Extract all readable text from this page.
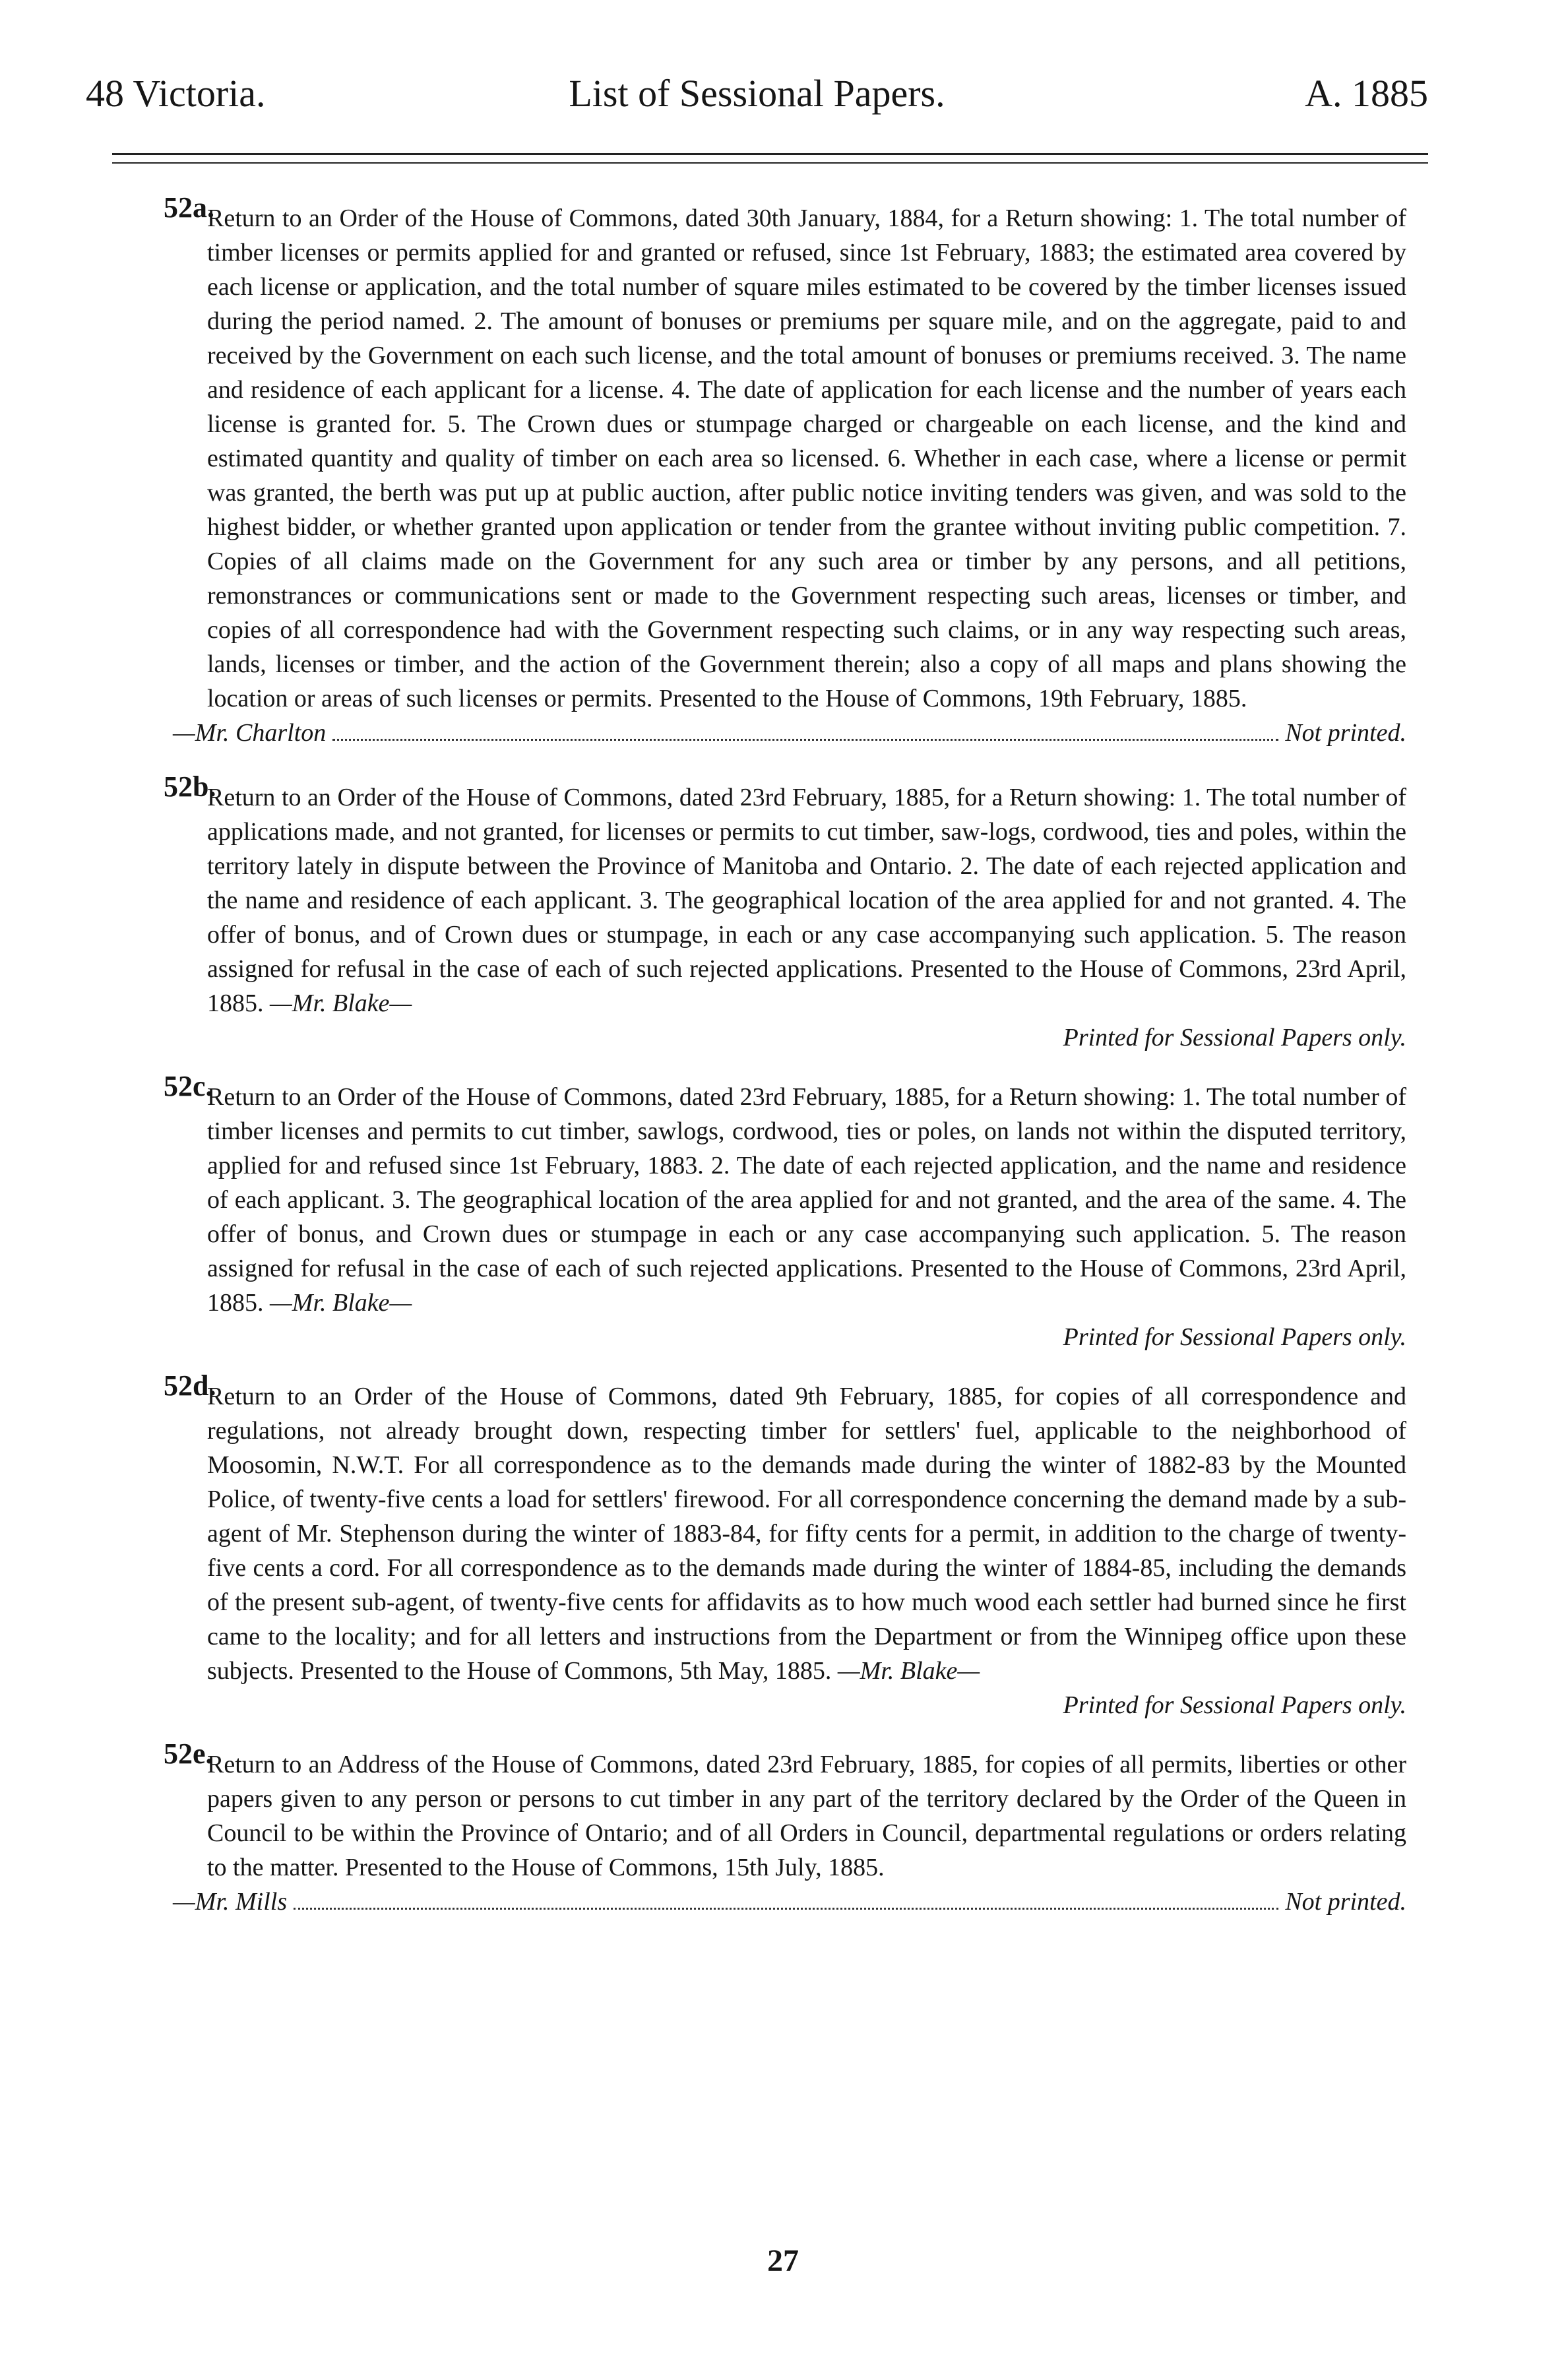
48 Victoria.	List of Sessional Papers.	A. 1885
52a.
Return to an Order of the House of Commons, dated 30th January, 1884, for a Return showing: 1. The total number of timber licenses or permits applied for and granted or refused, since 1st February, 1883; the estimated area covered by each license or application, and the total number of square miles estimated to be covered by the timber licenses issued during the period named. 2. The amount of bonuses or premiums per square mile, and on the aggregate, paid to and received by the Government on each such license, and the total amount of bonuses or premiums received. 3. The name and residence of each applicant for a license. 4. The date of application for each license and the number of years each license is granted for. 5. The Crown dues or stumpage charged or chargeable on each license, and the kind and estimated quantity and quality of timber on each area so licensed. 6. Whether in each case, where a license or permit was granted, the berth was put up at public auction, after public notice inviting tenders was given, and was sold to the highest bidder, or whether granted upon application or tender from the grantee without inviting public competition. 7. Copies of all claims made on the Government for any such area or timber by any persons, and all petitions, remonstrances or communications sent or made to the Government respecting such areas, licenses or timber, and copies of all correspondence had with the Government respecting such claims, or in any way respecting such areas, lands, licenses or timber, and the action of the Government therein; also a copy of all maps and plans showing the location or areas of such licenses or permits. Presented to the House of Commons, 19th February, 1885.
—Mr. Charlton	Not printed.
52b.
Return to an Order of the House of Commons, dated 23rd February, 1885, for a Return showing: 1. The total number of applications made, and not granted, for licenses or permits to cut timber, saw-logs, cordwood, ties and poles, within the territory lately in dispute between the Province of Manitoba and Ontario. 2. The date of each rejected application and the name and residence of each applicant. 3. The geographical location of the area applied for and not granted. 4. The offer of bonus, and of Crown dues or stumpage, in each or any case accompanying such application. 5. The reason assigned for refusal in the case of each of such rejected applications. Presented to the House of Commons, 23rd April, 1885. —Mr. Blake—
Printed for Sessional Papers only.
52c.
Return to an Order of the House of Commons, dated 23rd February, 1885, for a Return showing: 1. The total number of timber licenses and permits to cut timber, sawlogs, cordwood, ties or poles, on lands not within the disputed territory, applied for and refused since 1st February, 1883. 2. The date of each rejected application, and the name and residence of each applicant. 3. The geographical location of the area applied for and not granted, and the area of the same. 4. The offer of bonus, and Crown dues or stumpage in each or any case accompanying such application. 5. The reason assigned for refusal in the case of each of such rejected applications. Presented to the House of Commons, 23rd April, 1885. —Mr. Blake—
Printed for Sessional Papers only.
52d.
Return to an Order of the House of Commons, dated 9th February, 1885, for copies of all correspondence and regulations, not already brought down, respecting timber for settlers' fuel, applicable to the neighborhood of Moosomin, N.W.T. For all correspondence as to the demands made during the winter of 1882-83 by the Mounted Police, of twenty-five cents a load for settlers' firewood. For all correspondence concerning the demand made by a sub-agent of Mr. Stephenson during the winter of 1883-84, for fifty cents for a permit, in addition to the charge of twenty-five cents a cord. For all correspondence as to the demands made during the winter of 1884-85, including the demands of the present sub-agent, of twenty-five cents for affidavits as to how much wood each settler had burned since he first came to the locality; and for all letters and instructions from the Department or from the Winnipeg office upon these subjects. Presented to the House of Commons, 5th May, 1885. —Mr. Blake—
Printed for Sessional Papers only.
52e.
Return to an Address of the House of Commons, dated 23rd February, 1885, for copies of all permits, liberties or other papers given to any person or persons to cut timber in any part of the territory declared by the Order of the Queen in Council to be within the Province of Ontario; and of all Orders in Council, departmental regulations or orders relating to the matter. Presented to the House of Commons, 15th July, 1885.
—Mr. Mills	Not printed.
27
